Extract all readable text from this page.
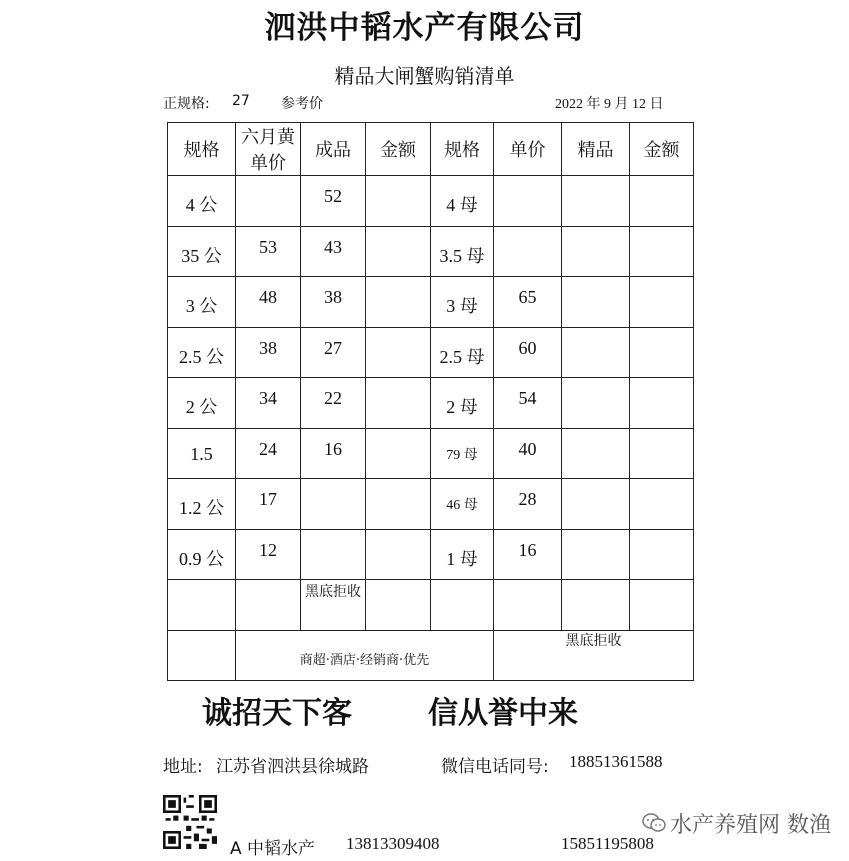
泗洪中韬水产有限公司
精品大闸蟹购销清单
正规格: 27 参考价	2022 年 9 月 12 日
规格	六月黄单价	成品	金额	规格	单价	精品	金额

4 公		52		4 母			

35 公	53	43		3.5 母			

3 公	48	38		3 母	65		

2.5 公	38	27		2.5 母	60		

2 公	34	22		2 母	54		

1.5	24	16		79 母	40		

1.2 公	17			46 母	28		

0.9 公	12			1 母	16		

		黑底拒收					

	商超·酒店·经销商·优先				黑底拒收		
诚招天下客	信从誉中来
地址: 江苏省泗洪县徐城路	微信电话同号: 18851361588
A 中韬水产 13813309408	15851195808
水产养殖网 数渔
